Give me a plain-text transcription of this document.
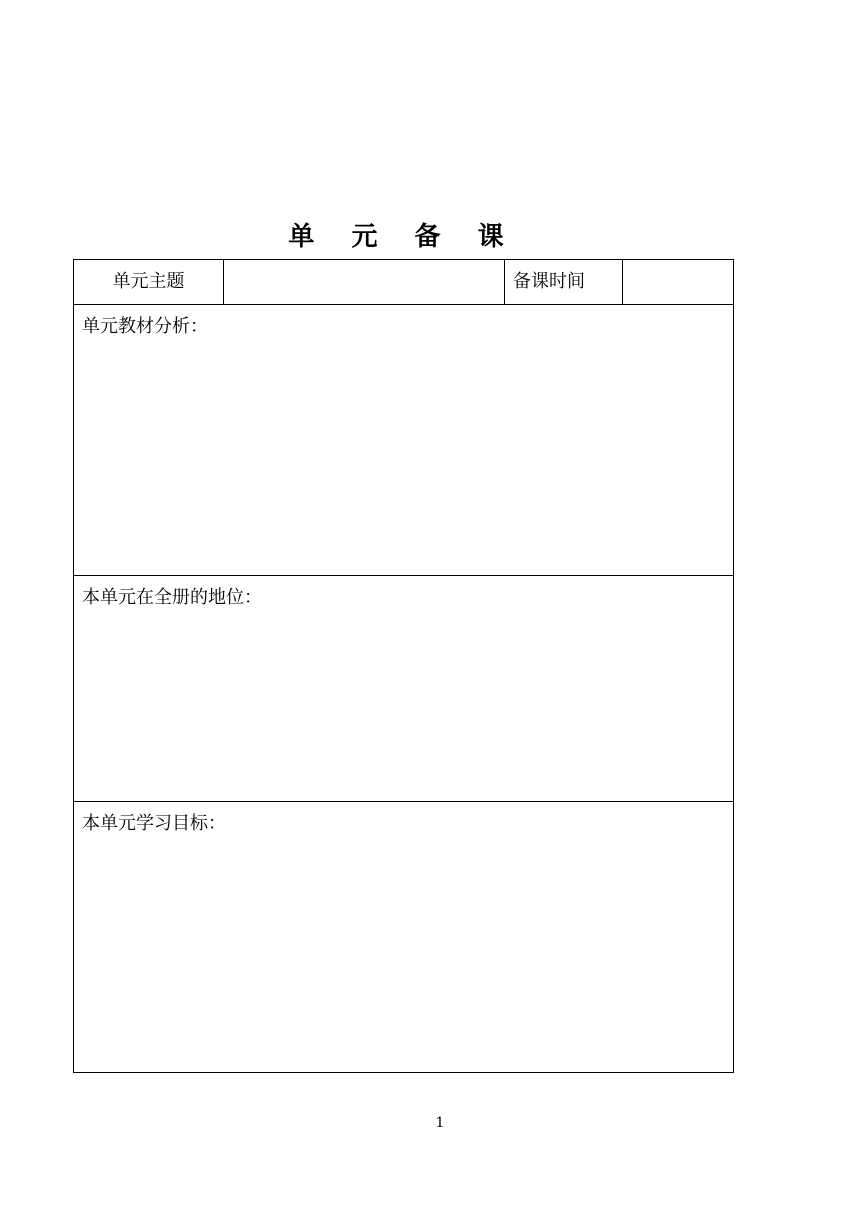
单 元 备 课
单元主题		备课时间	
单元教材分析：

本单元在全册的地位：

本单元学习目标：
1
